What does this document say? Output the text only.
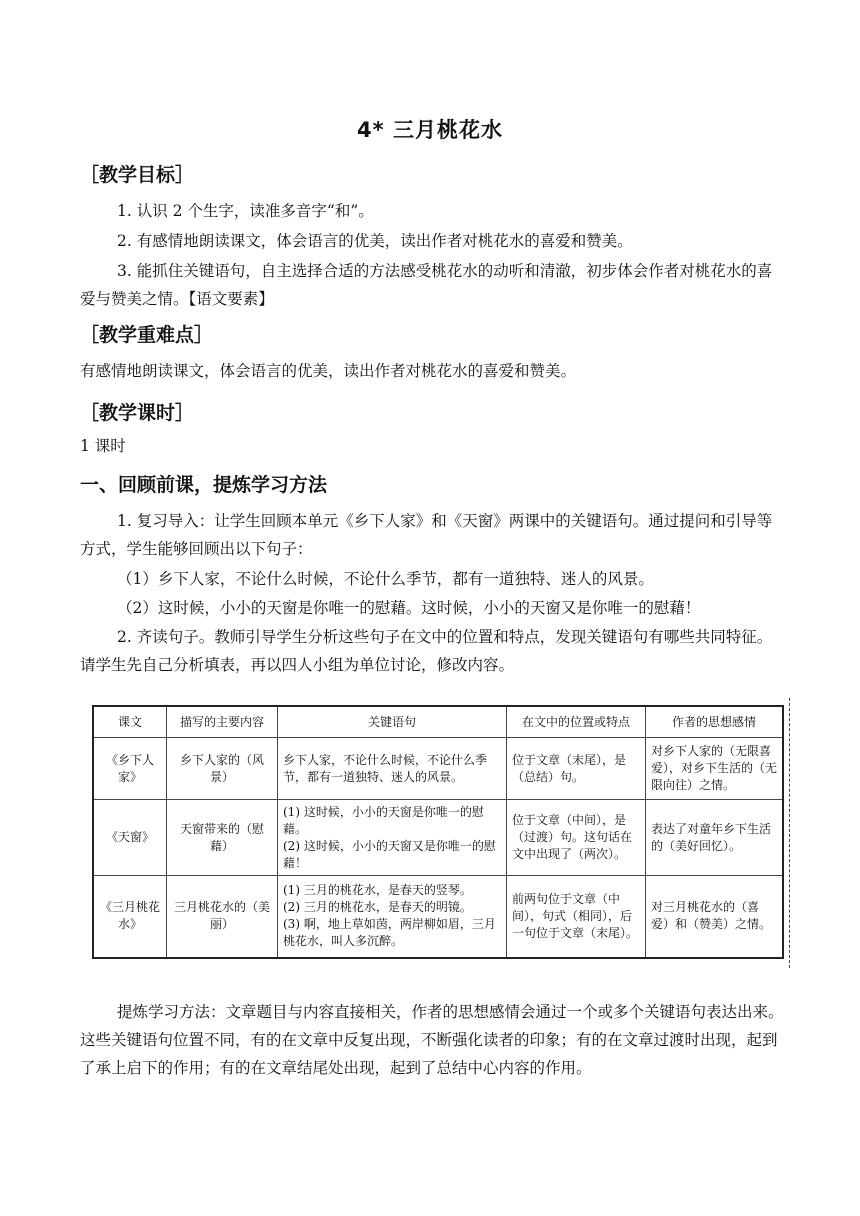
4* 三月桃花水
［教学目标］
1. 认识 2 个生字，读准多音字“和”。
2. 有感情地朗读课文，体会语言的优美，读出作者对桃花水的喜爱和赞美。
3. 能抓住关键语句，自主选择合适的方法感受桃花水的动听和清澈，初步体会作者对桃花水的喜爱与赞美之情。【语文要素】
［教学重难点］
有感情地朗读课文，体会语言的优美，读出作者对桃花水的喜爱和赞美。
［教学课时］
1 课时
一、回顾前课，提炼学习方法
1. 复习导入：让学生回顾本单元《乡下人家》和《天窗》两课中的关键语句。通过提问和引导等方式，学生能够回顾出以下句子：
（1）乡下人家，不论什么时候，不论什么季节，都有一道独特、迷人的风景。
（2）这时候，小小的天窗是你唯一的慰藉。这时候，小小的天窗又是你唯一的慰藉！
2. 齐读句子。教师引导学生分析这些句子在文中的位置和特点，发现关键语句有哪些共同特征。请学生先自己分析填表，再以四人小组为单位讨论，修改内容。
课文	描写的主要内容	关键语句	在文中的位置或特点	作者的思想感情
《乡下人家》	乡下人家的（风景）	乡下人家，不论什么时候，不论什么季节，都有一道独特、迷人的风景。	位于文章（末尾），是（总结）句。	对乡下人家的（无限喜爱），对乡下生活的（无限向往）之情。
《天窗》	天窗带来的（慰藉）	(1) 这时候，小小的天窗是你唯一的慰藉。
(2) 这时候，小小的天窗又是你唯一的慰藉！	位于文章（中间），是（过渡）句。这句话在文中出现了（两次）。	表达了对童年乡下生活的（美好回忆）。
《三月桃花水》	三月桃花水的（美丽）	(1) 三月的桃花水，是春天的竖琴。
(2) 三月的桃花水，是春天的明镜。
(3) 啊，地上草如茵，两岸柳如眉，三月桃花水，叫人多沉醉。	前两句位于文章（中间），句式（相同），后一句位于文章（末尾）。	对三月桃花水的（喜爱）和（赞美）之情。
提炼学习方法：文章题目与内容直接相关，作者的思想感情会通过一个或多个关键语句表达出来。这些关键语句位置不同，有的在文章中反复出现，不断强化读者的印象；有的在文章过渡时出现，起到了承上启下的作用；有的在文章结尾处出现，起到了总结中心内容的作用。
